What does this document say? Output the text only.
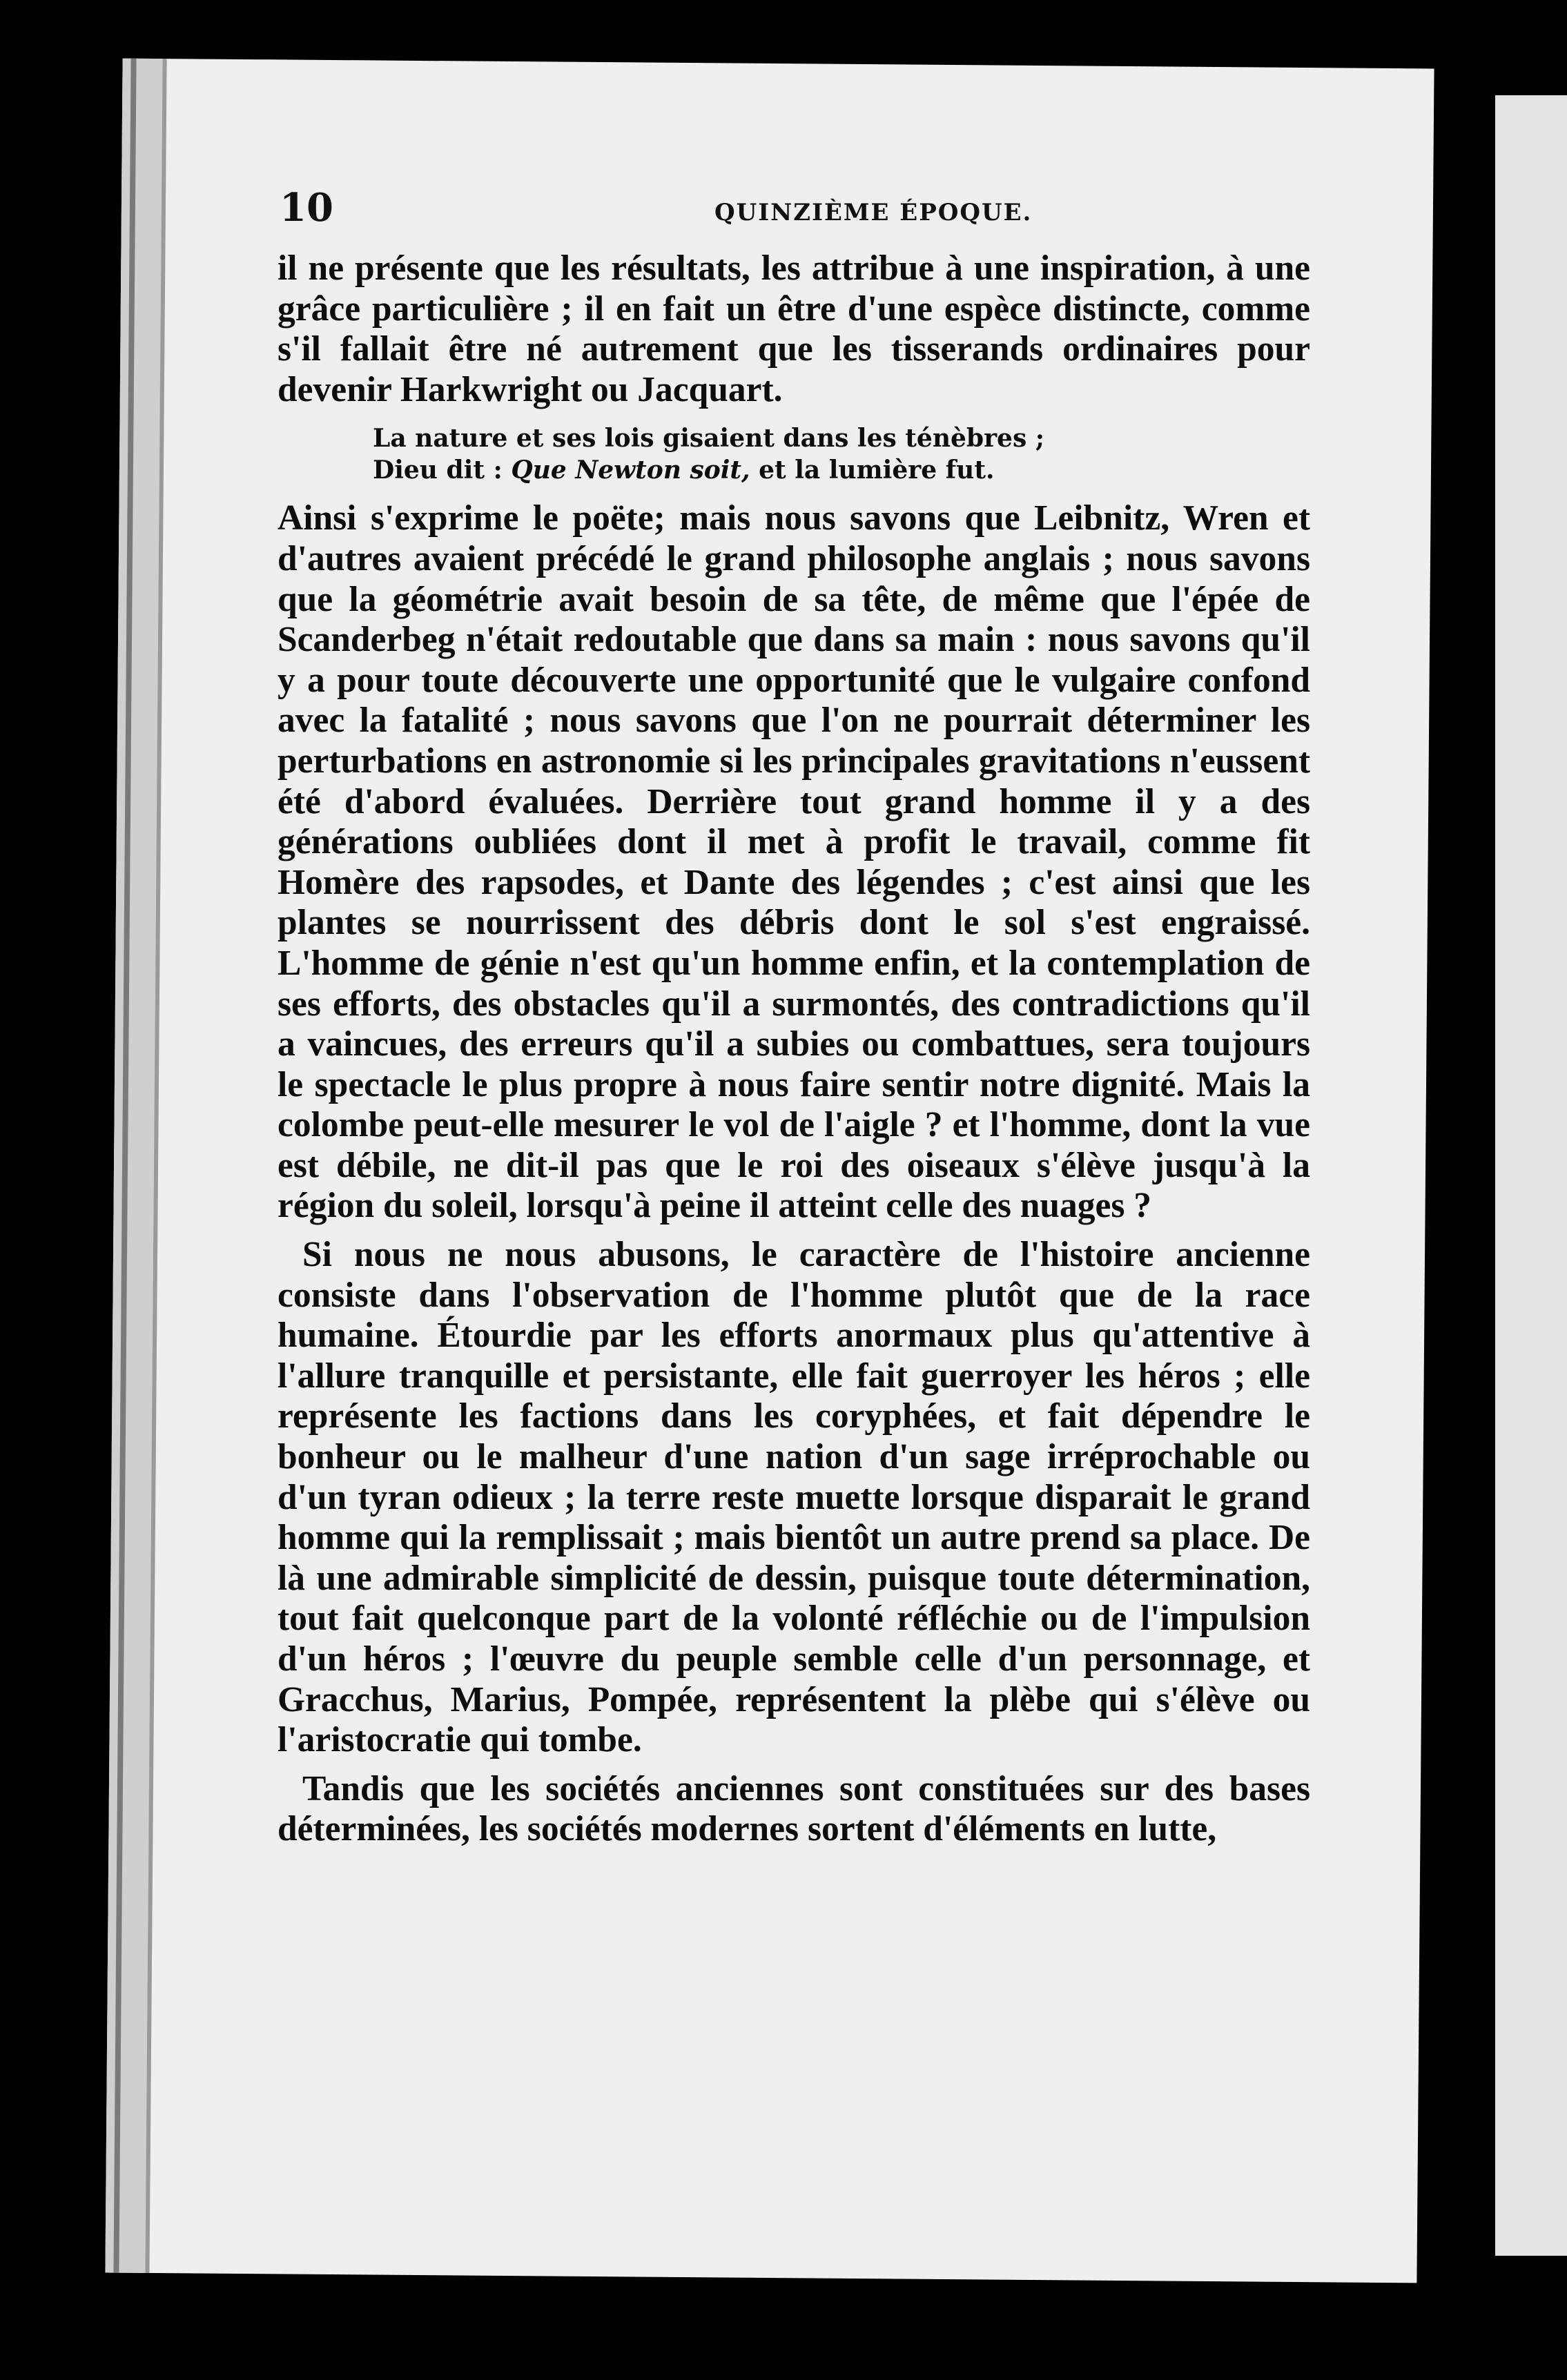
10	QUINZIÈME ÉPOQUE.

il ne présente que les résultats, les attribue à une inspiration, à une grâce particulière ; il en fait un être d'une espèce distincte, comme s'il fallait être né autrement que les tisserands ordinaires pour devenir Harkwright ou Jacquart.

La nature et ses lois gisaient dans les ténèbres ;
Dieu dit : Que Newton soit, et la lumière fut.

Ainsi s'exprime le poëte; mais nous savons que Leibnitz, Wren et d'autres avaient précédé le grand philosophe anglais ; nous savons que la géométrie avait besoin de sa tête, de même que l'épée de Scanderbeg n'était redoutable que dans sa main : nous savons qu'il y a pour toute découverte une opportunité que le vulgaire confond avec la fatalité ; nous savons que l'on ne pourrait déterminer les perturbations en astronomie si les principales gravitations n'eussent été d'abord évaluées. Derrière tout grand homme il y a des générations oubliées dont il met à profit le travail, comme fit Homère des rapsodes, et Dante des légendes ; c'est ainsi que les plantes se nourrissent des débris dont le sol s'est engraissé. L'homme de génie n'est qu'un homme enfin, et la contemplation de ses efforts, des obstacles qu'il a surmontés, des contradictions qu'il a vaincues, des erreurs qu'il a subies ou combattues, sera toujours le spectacle le plus propre à nous faire sentir notre dignité. Mais la colombe peut-elle mesurer le vol de l'aigle ? et l'homme, dont la vue est débile, ne dit-il pas que le roi des oiseaux s'élève jusqu'à la région du soleil, lorsqu'à peine il atteint celle des nuages ?

Si nous ne nous abusons, le caractère de l'histoire ancienne consiste dans l'observation de l'homme plutôt que de la race humaine. Étourdie par les efforts anormaux plus qu'attentive à l'allure tranquille et persistante, elle fait guerroyer les héros ; elle représente les factions dans les coryphées, et fait dépendre le bonheur ou le malheur d'une nation d'un sage irréprochable ou d'un tyran odieux ; la terre reste muette lorsque disparait le grand homme qui la remplissait ; mais bientôt un autre prend sa place. De là une admirable simplicité de dessin, puisque toute détermination, tout fait quelconque part de la volonté réfléchie ou de l'impulsion d'un héros ; l'œuvre du peuple semble celle d'un personnage, et Gracchus, Marius, Pompée, représentent la plèbe qui s'élève ou l'aristocratie qui tombe.

Tandis que les sociétés anciennes sont constituées sur des bases déterminées, les sociétés modernes sortent d'éléments en lutte,
